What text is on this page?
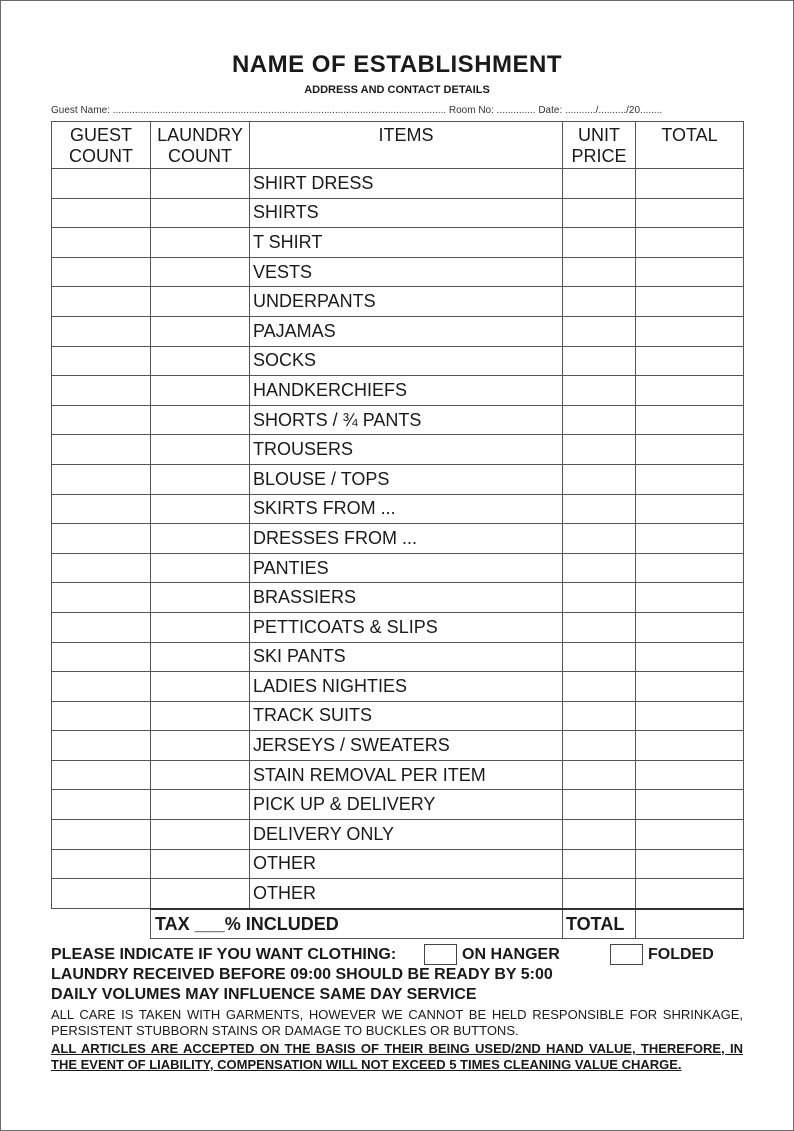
NAME OF ESTABLISHMENT
ADDRESS AND CONTACT DETAILS
Guest Name: ........................................................................................................................ Room No: .............. Date: .........../........../20........
GUEST COUNT	LAUNDRY COUNT	ITEMS	UNIT PRICE	TOTAL
		SHIRT DRESS		
		SHIRTS		
		T SHIRT		
		VESTS		
		UNDERPANTS		
		PAJAMAS		
		SOCKS		
		HANDKERCHIEFS		
		SHORTS / ¾ PANTS		
		TROUSERS		
		BLOUSE / TOPS		
		SKIRTS FROM ...		
		DRESSES FROM ...		
		PANTIES		
		BRASSIERS		
		PETTICOATS & SLIPS		
		SKI PANTS		
		LADIES NIGHTIES		
		TRACK SUITS		
		JERSEYS / SWEATERS		
		STAIN REMOVAL PER ITEM		
		PICK UP & DELIVERY		
		DELIVERY ONLY		
		OTHER		
		OTHER		
	TAX ___% INCLUDED		TOTAL	
PLEASE INDICATE IF YOU WANT CLOTHING:	ON HANGER	FOLDED
LAUNDRY RECEIVED BEFORE 09:00 SHOULD BE READY BY 5:00
DAILY VOLUMES MAY INFLUENCE SAME DAY SERVICE
ALL CARE IS TAKEN WITH GARMENTS, HOWEVER WE CANNOT BE HELD RESPONSIBLE FOR SHRINKAGE, PERSISTENT STUBBORN STAINS OR DAMAGE TO BUCKLES OR BUTTONS.
ALL ARTICLES ARE ACCEPTED ON THE BASIS OF THEIR BEING USED/2ND HAND VALUE, THEREFORE, IN THE EVENT OF LIABILITY, COMPENSATION WILL NOT EXCEED 5 TIMES CLEANING VALUE CHARGE.
